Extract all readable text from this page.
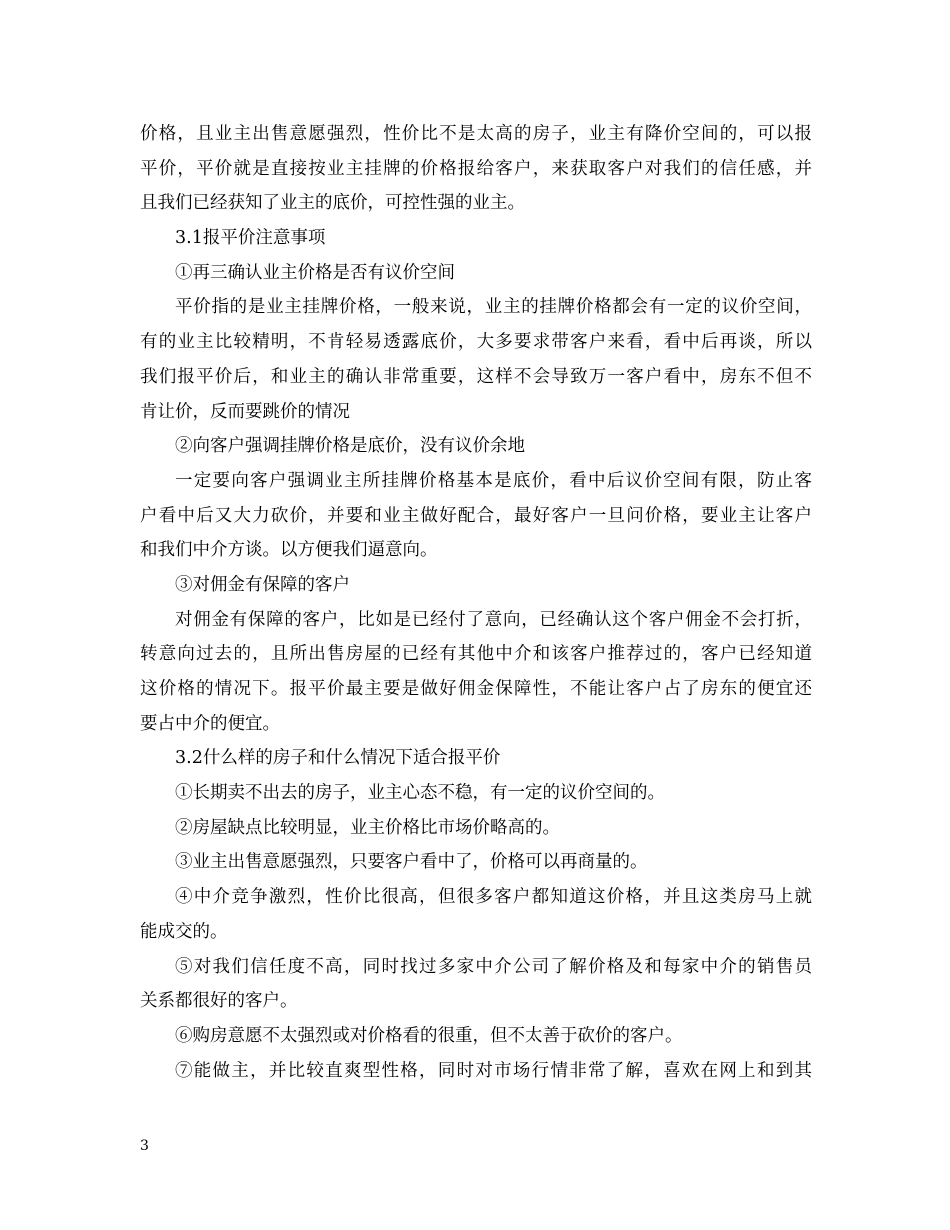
价格，且业主出售意愿强烈，性价比不是太高的房子，业主有降价空间的，可以报
平价，平价就是直接按业主挂牌的价格报给客户，来获取客户对我们的信任感，并
且我们已经获知了业主的底价，可控性强的业主。
3.1报平价注意事项
①再三确认业主价格是否有议价空间
平价指的是业主挂牌价格，一般来说，业主的挂牌价格都会有一定的议价空间，
有的业主比较精明，不肯轻易透露底价，大多要求带客户来看，看中后再谈，所以
我们报平价后，和业主的确认非常重要，这样不会导致万一客户看中，房东不但不
肯让价，反而要跳价的情况
②向客户强调挂牌价格是底价，没有议价余地
一定要向客户强调业主所挂牌价格基本是底价，看中后议价空间有限，防止客
户看中后又大力砍价，并要和业主做好配合，最好客户一旦问价格，要业主让客户
和我们中介方谈。以方便我们逼意向。
③对佣金有保障的客户
对佣金有保障的客户，比如是已经付了意向，已经确认这个客户佣金不会打折，
转意向过去的，且所出售房屋的已经有其他中介和该客户推荐过的，客户已经知道
这价格的情况下。报平价最主要是做好佣金保障性，不能让客户占了房东的便宜还
要占中介的便宜。
3.2什么样的房子和什么情况下适合报平价
①长期卖不出去的房子，业主心态不稳，有一定的议价空间的。
②房屋缺点比较明显，业主价格比市场价略高的。
③业主出售意愿强烈，只要客户看中了，价格可以再商量的。
④中介竞争激烈，性价比很高，但很多客户都知道这价格，并且这类房马上就
能成交的。
⑤对我们信任度不高，同时找过多家中介公司了解价格及和每家中介的销售员
关系都很好的客户。
⑥购房意愿不太强烈或对价格看的很重，但不太善于砍价的客户。
⑦能做主，并比较直爽型性格，同时对市场行情非常了解，喜欢在网上和到其
3
